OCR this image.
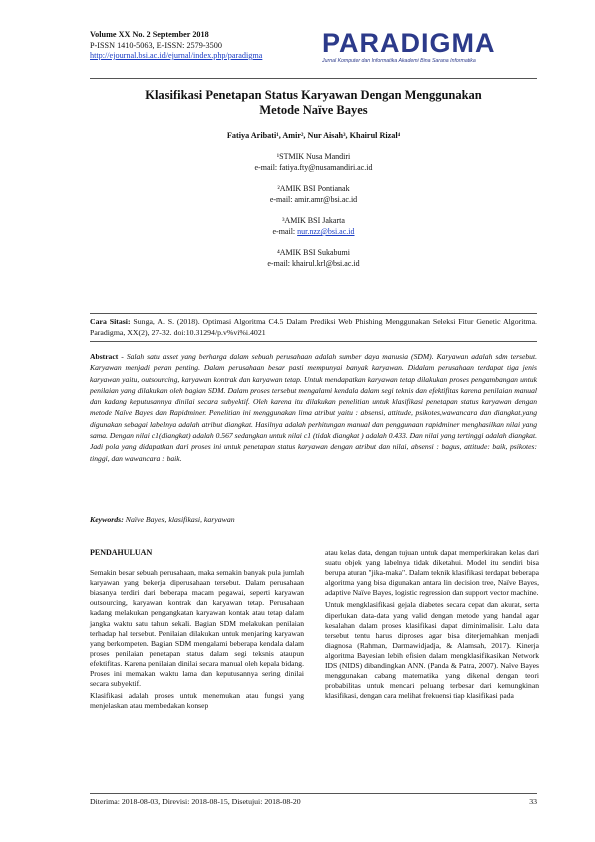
Volume XX No. 2 September 2018
P-ISSN 1410-5063, E-ISSN: 2579-3500
http://ejournal.bsi.ac.id/ejurnal/index.php/paradigma PARADIGMA
Jurnal Komputer dan Informatika Akademi Bina Sarana Informatika
Klasifikasi Penetapan Status Karyawan Dengan Menggunakan
Metode Naïve Bayes
Fatiya Aribati¹, Amir², Nur Aisah³, Khairul Rizal⁴
¹STMIK Nusa Mandiri
e-mail: fatiya.fty@nusamandiri.ac.id
²AMIK BSI Pontianak
e-mail: amir.amr@bsi.ac.id
³AMIK BSI Jakarta
e-mail: nur.nzz@bsi.ac.id
⁴AMIK BSI Sukabumi
e-mail: khairul.krl@bsi.ac.id
Cara Sitasi: Sunga, A. S. (2018). Optimasi Algoritma C4.5 Dalam Prediksi Web Phishing Menggunakan Seleksi Fitur Genetic Algoritma. Paradigma, XX(2), 27-32. doi:10.31294/p.v%vi%i.4021
Abstract - Salah satu asset yang berharga dalam sebuah perusahaan adalah sumber daya manusia (SDM). Karyawan adalah sdm tersebut. Karyawan menjadi peran penting. Dalam perusahaan besar pasti mempunyai banyak karyawan. Didalam perusahaan terdapat tiga jenis karyawan yaitu, outsourcing, karyawan kontrak dan karyawan tetap. Untuk mendapatkan karyawan tetap dilakukan proses pengambangan untuk penilaian yang dilakukan oleh bagian SDM. Dalam proses tersebut mengalami kendala dalam segi teknis dan efektifitas karena penilaian manual dan kadang keputusannya dinilai secara subyektif. Oleh karena itu dilakukan penelitian untuk klasifikasi penetapan status karyawan dengan metode Naïve Bayes dan Rapidminer. Penelitian ini menggunakan lima atribut yaitu : absensi, attitude, psikotes,wawancara dan diangkat.yang digunakan sebagai labelnya adalah atribut diangkat. Hasilnya adalah perhitungan manual dan penggunaan rapidminer menghasilkan nilai yang sama. Dengan nilai c1(diangkat) adalah 0.567 sedangkan untuk nilai c1 (tidak diangkat ) adalah 0.433. Dan nilai yang tertinggi adalah diangkat. Jadi pola yang didapatkan dari proses ini untuk penetapan status karyawan dengan atribut dan nilai, absensi : bagus, attitude: baik, psikotes: tinggi, dan wawancara : baik.
Keywords: Naïve Bayes, klasifikasi, karyawan
PENDAHULUAN

Semakin besar sebuah perusahaan, maka semakin banyak pula jumlah karyawan yang bekerja diperusahaan tersebut. Dalam perusahaan biasanya terdiri dari beberapa macam pegawai, seperti karyawan outsourcing, karyawan kontrak dan karyawan tetap. Perusahaan kadang melakukan pengangkatan karyawan kontak atau tetap dalam jangka waktu satu tahun sekali. Bagian SDM melakukan penilaian terhadap hal tersebut. Penilaian dilakukan untuk menjaring karyawan yang berkompeten. Bagian SDM mengalami beberapa kendala dalam proses penilaian penetapan status dalam segi teksnis ataupun efektifitas. Karena penilaian dinilai secara manual oleh kepala bidang. Proses ini memakan waktu lama dan keputusannya sering dinilai secara subyektif.

Klasifikasi adalah proses untuk menemukan atau fungsi yang menjelaskan atau membedakan konsep

atau kelas data, dengan tujuan untuk dapat memperkirakan kelas dari suatu objek yang labelnya tidak diketahui. Model itu sendiri bisa berupa aturan "jika-maka". Dalam teknik klasifikasi terdapat beberapa algoritma yang bisa digunakan antara lin decision tree, Naïve Bayes, adaptive Naïve Bayes, logistic regression dan support vector machine.

Untuk mengklasifikasi gejala diabetes secara cepat dan akurat, serta diperlukan data-data yang valid dengan metode yang handal agar kesalahan dalam proses klasifikasi dapat diminimalisir. Lalu data tersebut tentu harus diproses agar bisa diterjemahkan menjadi diagnosa (Rahman, Darmawidjadja, & Alamsah, 2017). Kinerja algoritma Bayesian lebih efisien dalam mengklasifikasikan Network IDS (NIDS) dibandingkan ANN. (Panda & Patra, 2007). Naïve Bayes menggunakan cabang matematika yang dikenal dengan teori probabilitas untuk mencari peluang terbesar dari kemungkinan klasifikasi, dengan cara melihat frekuensi tiap klasifikasi pada

Diterima: 2018-08-03, Direvisi: 2018-08-15, Disetujui: 2018-08-20	33
